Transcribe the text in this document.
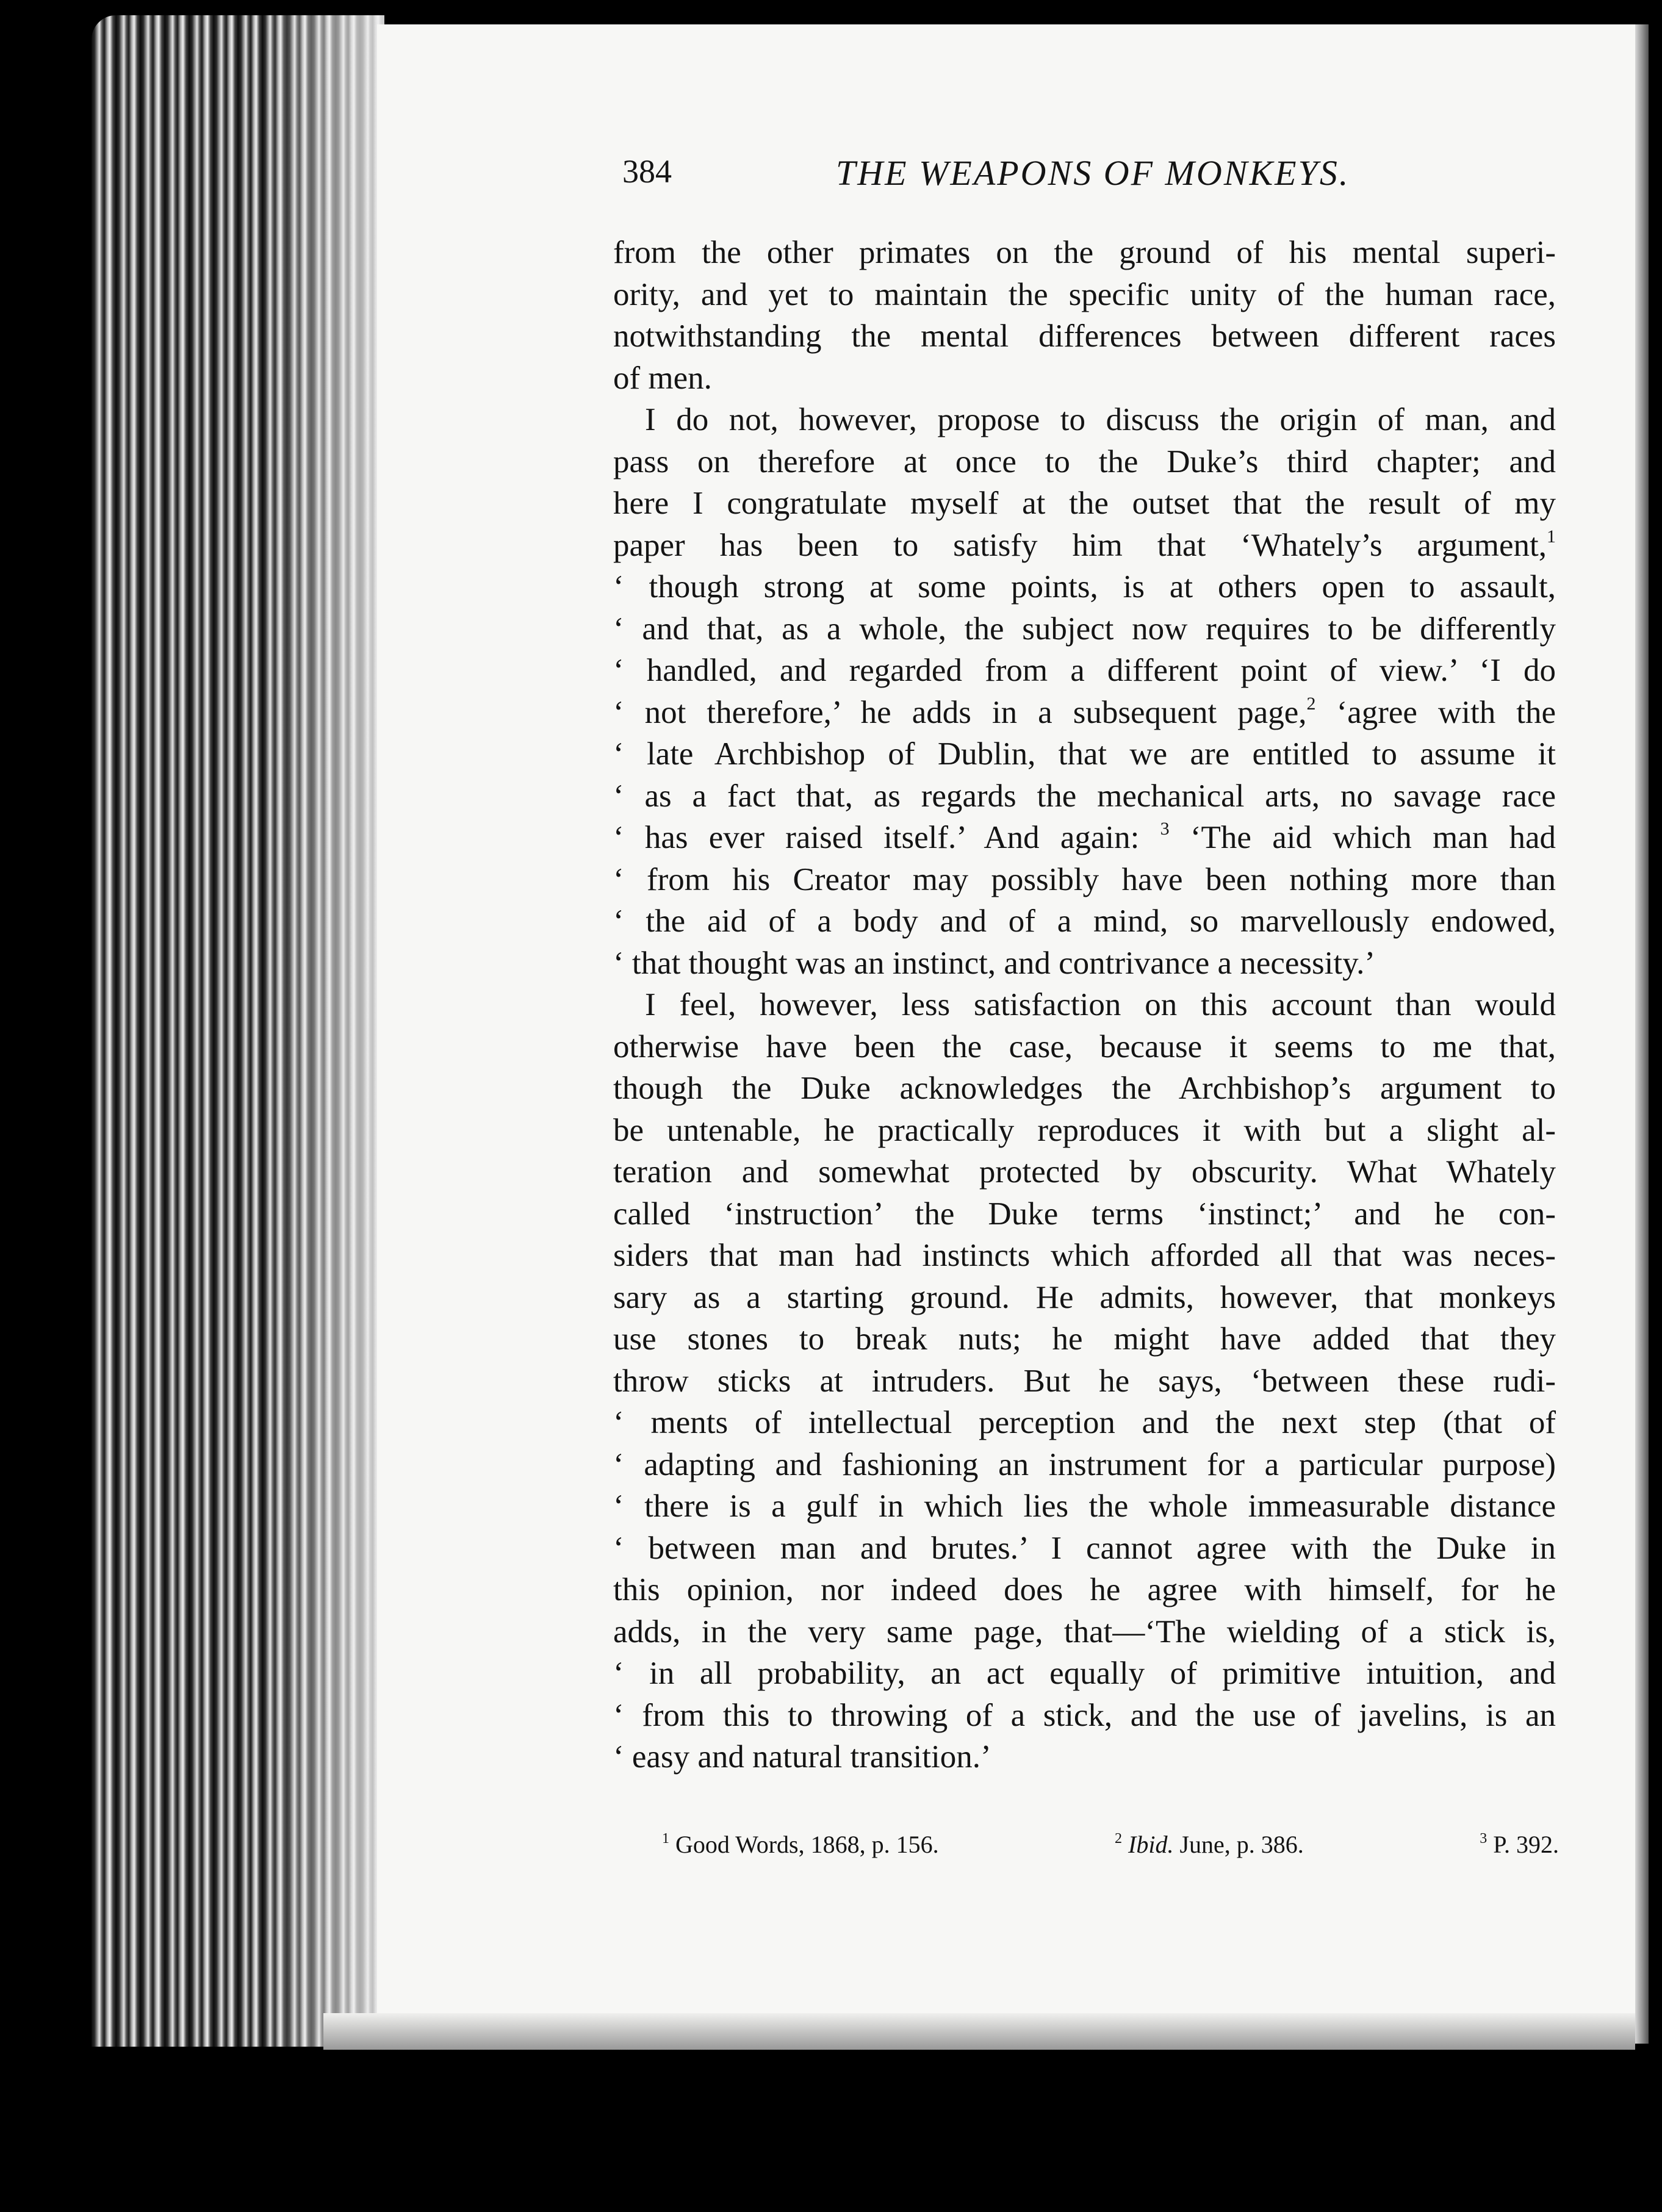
384	THE WEAPONS OF MONKEYS.
from the other primates on the ground of his mental superi-
ority, and yet to maintain the specific unity of the human race,
notwithstanding the mental differences between different races
of men.
I do not, however, propose to discuss the origin of man, and
pass on therefore at once to the Duke’s third chapter; and
here I congratulate myself at the outset that the result of my
paper has been to satisfy him that ‘Whately’s argument,$^1$
‘ though strong at some points, is at others open to assault,
‘ and that, as a whole, the subject now requires to be differently
‘ handled, and regarded from a different point of view.’ ‘I do
‘ not therefore,’ he adds in a subsequent page,$^2$ ‘agree with the
‘ late Archbishop of Dublin, that we are entitled to assume it
‘ as a fact that, as regards the mechanical arts, no savage race
‘ has ever raised itself.’ And again: $^3$ ‘The aid which man had
‘ from his Creator may possibly have been nothing more than
‘ the aid of a body and of a mind, so marvellously endowed,
‘ that thought was an instinct, and contrivance a necessity.’
I feel, however, less satisfaction on this account than would
otherwise have been the case, because it seems to me that,
though the Duke acknowledges the Archbishop’s argument to
be untenable, he practically reproduces it with but a slight al-
teration and somewhat protected by obscurity. What Whately
called ‘instruction’ the Duke terms ‘instinct;’ and he con-
siders that man had instincts which afforded all that was neces-
sary as a starting ground. He admits, however, that monkeys
use stones to break nuts; he might have added that they
throw sticks at intruders. But he says, ‘between these rudi-
‘ ments of intellectual perception and the next step (that of
‘ adapting and fashioning an instrument for a particular purpose)
‘ there is a gulf in which lies the whole immeasurable distance
‘ between man and brutes.’ I cannot agree with the Duke in
this opinion, nor indeed does he agree with himself, for he
adds, in the very same page, that—‘The wielding of a stick is,
‘ in all probability, an act equally of primitive intuition, and
‘ from this to throwing of a stick, and the use of javelins, is an
‘ easy and natural transition.’
$^1$ Good Words, 1868, p. 156.	$^2$ Ibid. June, p. 386.	$^3$ P. 392.
